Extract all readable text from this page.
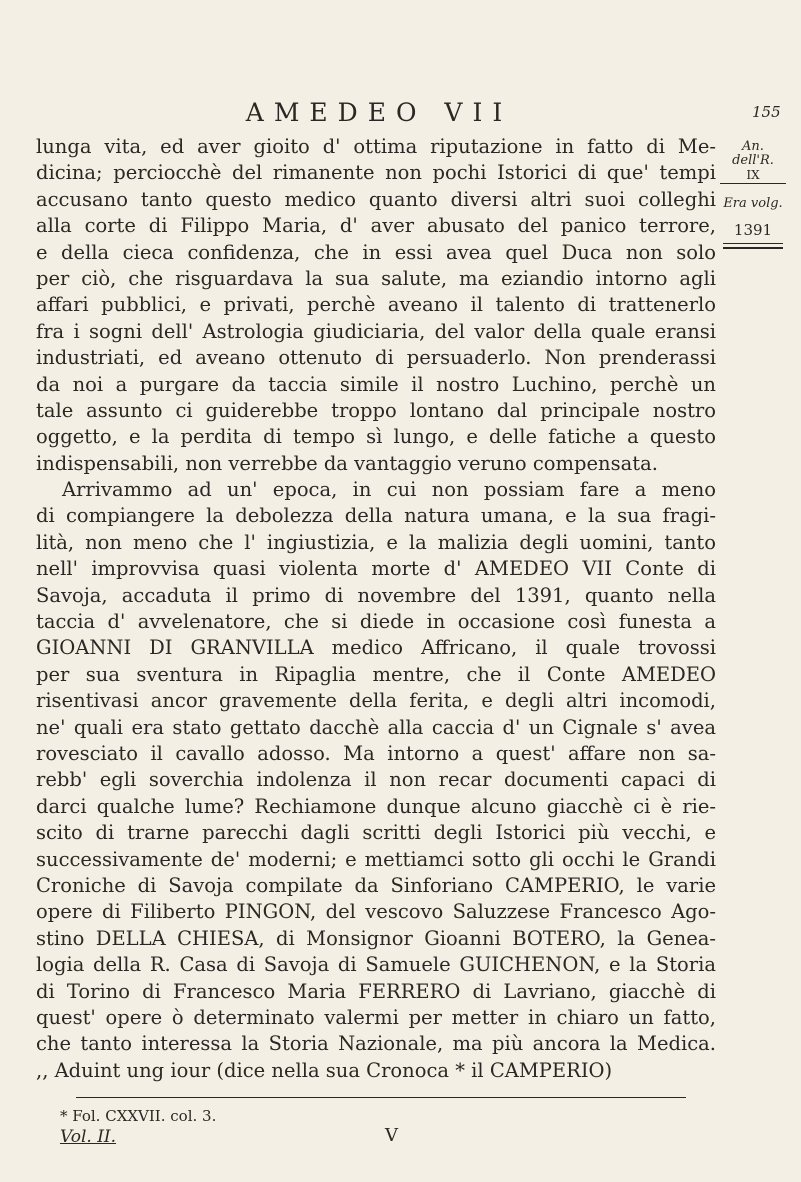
AMEDEO VII	155
An. dell'R.
IX
Era volg.
1391
lunga vita, ed aver gioito d' ottima riputazione in fatto di Me-
dicina; perciocchè del rimanente non pochi Istorici di que' tempi
accusano tanto questo medico quanto diversi altri suoi colleghi
alla corte di Filippo Maria, d' aver abusato del panico terrore,
e della cieca confidenza, che in essi avea quel Duca non solo
per ciò, che risguardava la sua salute, ma eziandio intorno agli
affari pubblici, e privati, perchè aveano il talento di trattenerlo
fra i sogni dell' Astrologia giudiciaria, del valor della quale eransi
industriati, ed aveano ottenuto di persuaderlo. Non prenderassi
da noi a purgare da taccia simile il nostro Luchino, perchè un
tale assunto ci guiderebbe troppo lontano dal principale nostro
oggetto, e la perdita di tempo sì lungo, e delle fatiche a questo
indispensabili, non verrebbe da vantaggio veruno compensata.
Arrivammo ad un' epoca, in cui non possiam fare a meno
di compiangere la debolezza della natura umana, e la sua fragi-
lità, non meno che l' ingiustizia, e la malizia degli uomini, tanto
nell' improvvisa quasi violenta morte d' AMEDEO VII Conte di
Savoja, accaduta il primo di novembre del 1391, quanto nella
taccia d' avvelenatore, che si diede in occasione così funesta a
GIOANNI DI GRANVILLA medico Affricano, il quale trovossi
per sua sventura in Ripaglia mentre, che il Conte AMEDEO
risentivasi ancor gravemente della ferita, e degli altri incomodi,
ne' quali era stato gettato dacchè alla caccia d' un Cignale s' avea
rovesciato il cavallo adosso. Ma intorno a quest' affare non sa-
rebb' egli soverchia indolenza il non recar documenti capaci di
darci qualche lume? Rechiamone dunque alcuno giacchè ci è rie-
scito di trarne parecchi dagli scritti degli Istorici più vecchi, e
successivamente de' moderni; e mettiamci sotto gli occhi le Grandi
Croniche di Savoja compilate da Sinforiano CAMPERIO, le varie
opere di Filiberto PINGON, del vescovo Saluzzese Francesco Ago-
stino DELLA CHIESA, di Monsignor Gioanni BOTERO, la Genea-
logia della R. Casa di Savoja di Samuele GUICHENON, e la Storia
di Torino di Francesco Maria FERRERO di Lavriano, giacchè di
quest' opere ò determinato valermi per metter in chiaro un fatto,
che tanto interessa la Storia Nazionale, ma più ancora la Medica.
,, Aduint ung iour (dice nella sua Cronoca * il CAMPERIO)
* Fol. CXXVII. col. 3.
Vol. II.	V
